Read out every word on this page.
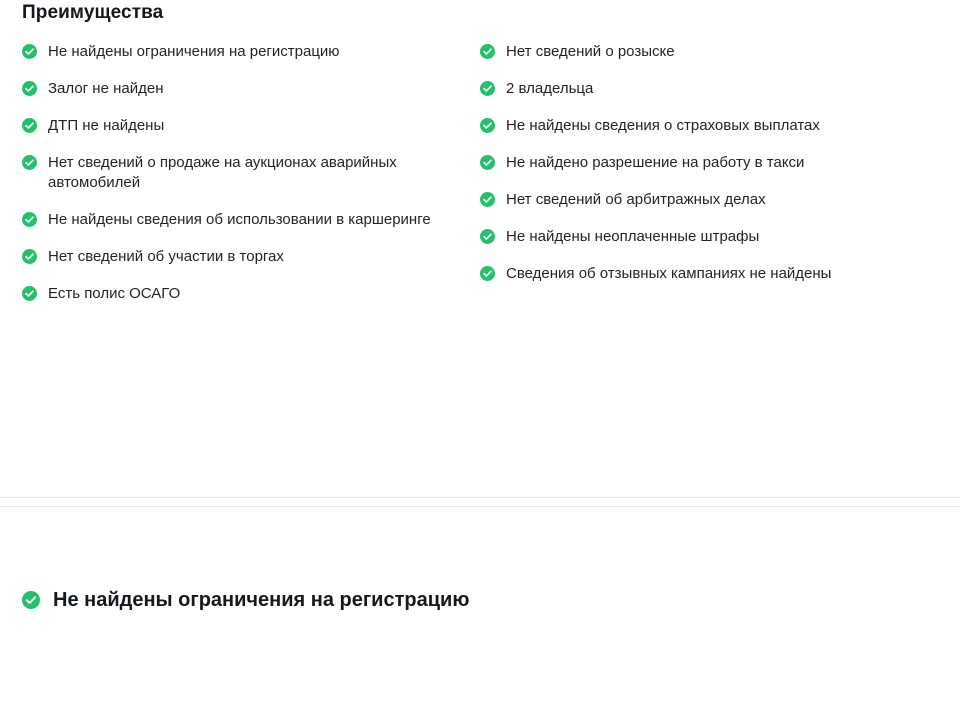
Преимущества
Не найдены ограничения на регистрацию
Залог не найден
ДТП не найдены
Нет сведений о продаже на аукционах аварийных автомобилей
Не найдены сведения об использовании в каршеринге
Нет сведений об участии в торгах
Есть полис ОСАГО
Нет сведений о розыске
2 владельца
Не найдены сведения о страховых выплатах
Не найдено разрешение на работу в такси
Нет сведений об арбитражных делах
Не найдены неоплаченные штрафы
Сведения об отзывных кампаниях не найдены
Не найдены ограничения на регистрацию
